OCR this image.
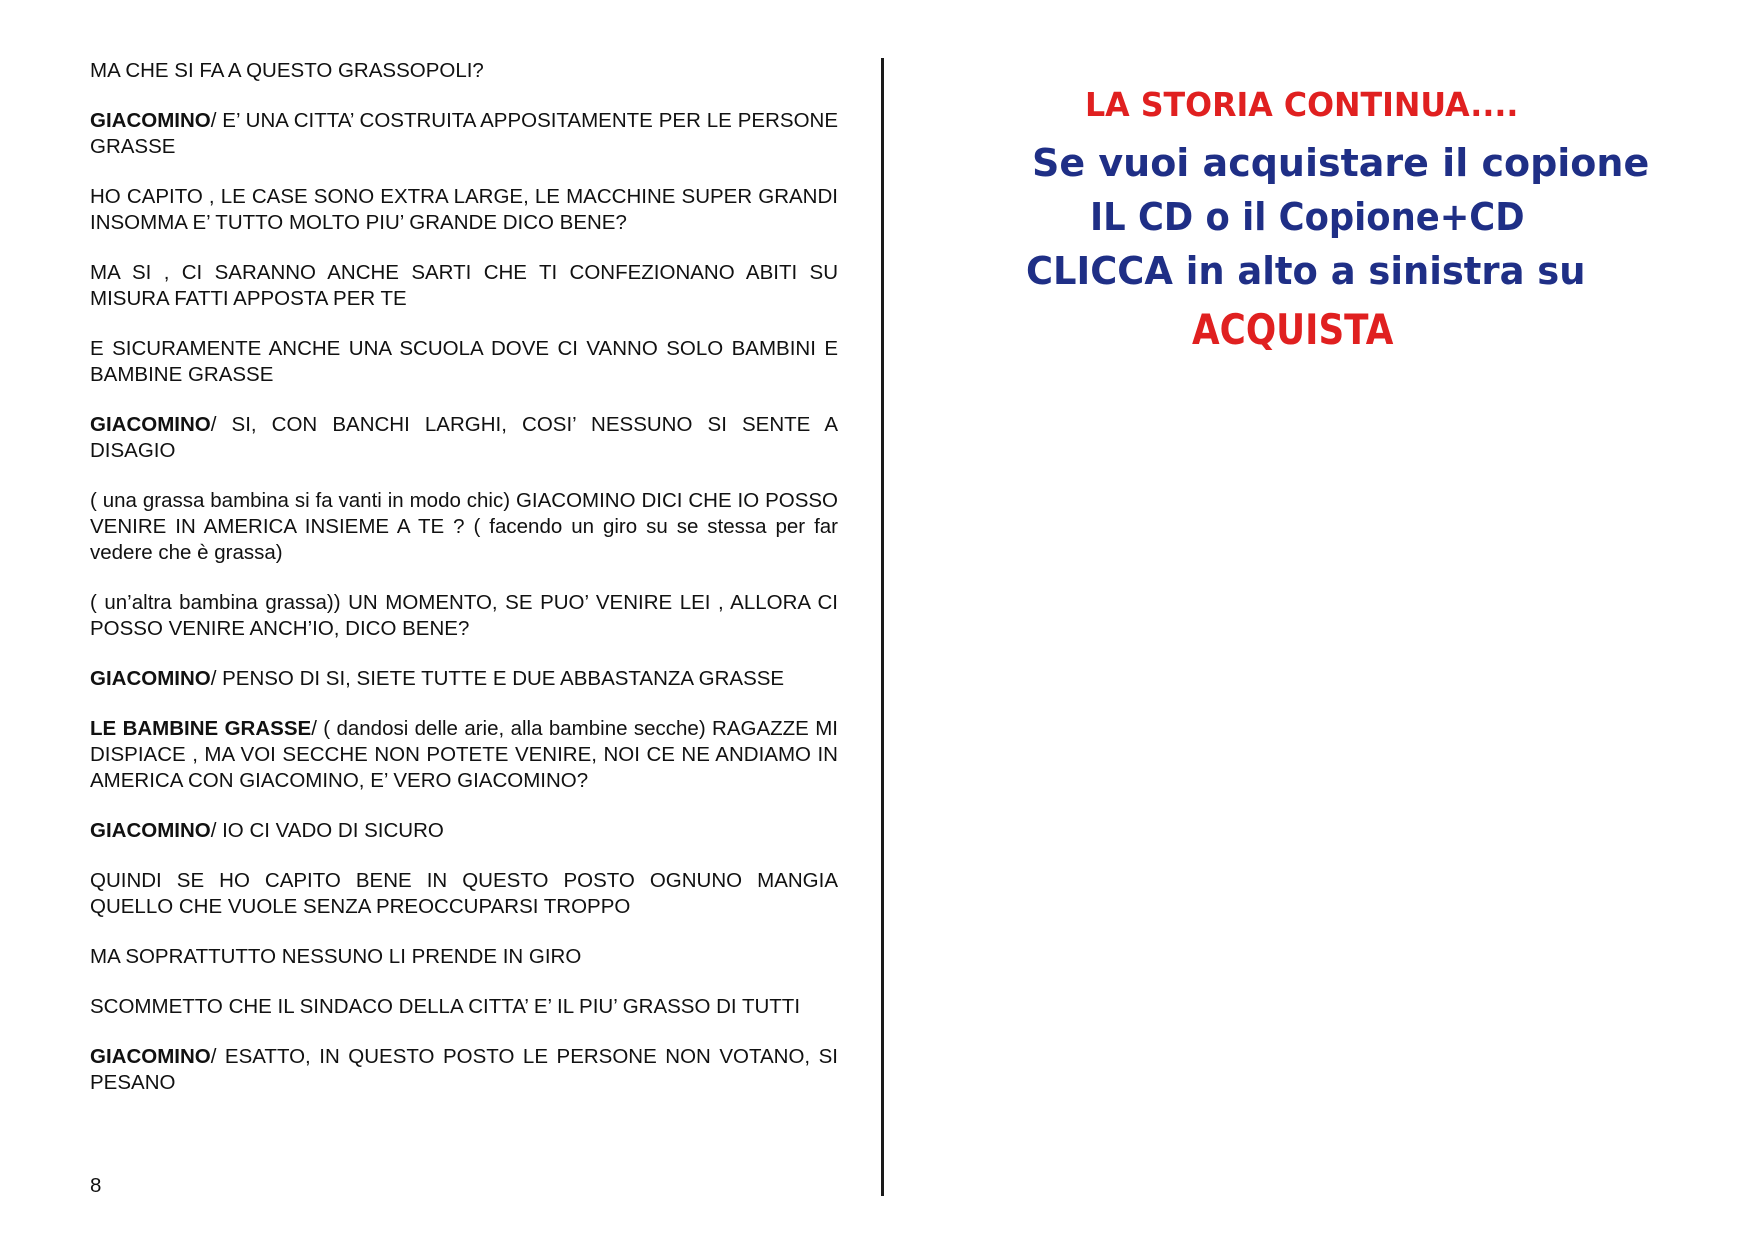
MA CHE SI FA A QUESTO GRASSOPOLI?

GIACOMINO/ E’ UNA CITTA’ COSTRUITA APPOSITAMENTE PER LE PERSONE GRASSE

HO CAPITO , LE CASE SONO EXTRA LARGE, LE MACCHINE SUPER GRANDI INSOMMA E’ TUTTO MOLTO PIU’ GRANDE DICO BENE?

MA SI , CI SARANNO ANCHE SARTI CHE TI CONFEZIONANO ABITI SU MISURA FATTI APPOSTA PER TE

E SICURAMENTE ANCHE UNA SCUOLA DOVE CI VANNO SOLO BAMBINI E BAMBINE GRASSE

GIACOMINO/ SI, CON BANCHI LARGHI, COSI’ NESSUNO SI SENTE A DISAGIO

( una grassa bambina si fa vanti in modo chic) GIACOMINO DICI CHE IO POSSO VENIRE IN AMERICA INSIEME A TE ? ( facendo un giro su se stessa per far vedere che è grassa)

( un’altra bambina grassa)) UN MOMENTO, SE PUO’ VENIRE LEI , ALLORA CI POSSO VENIRE ANCH’IO, DICO BENE?

GIACOMINO/ PENSO DI SI, SIETE TUTTE E DUE ABBASTANZA GRASSE

LE BAMBINE GRASSE/ ( dandosi delle arie, alla bambine secche) RAGAZZE MI DISPIACE , MA VOI SECCHE NON POTETE VENIRE, NOI CE NE ANDIAMO IN AMERICA CON GIACOMINO, E’ VERO GIACOMINO?

GIACOMINO/ IO CI VADO DI SICURO

QUINDI SE HO CAPITO BENE IN QUESTO POSTO OGNUNO MANGIA QUELLO CHE VUOLE SENZA PREOCCUPARSI TROPPO

MA SOPRATTUTTO NESSUNO LI PRENDE IN GIRO

SCOMMETTO CHE IL SINDACO DELLA CITTA’ E’ IL PIU’ GRASSO DI TUTTI

GIACOMINO/ ESATTO, IN QUESTO POSTO LE PERSONE NON VOTANO, SI PESANO

8
LA STORIA CONTINUA....
Se vuoi acquistare il copione
IL CD o il Copione+CD
CLICCA in alto a sinistra su
ACQUISTA
